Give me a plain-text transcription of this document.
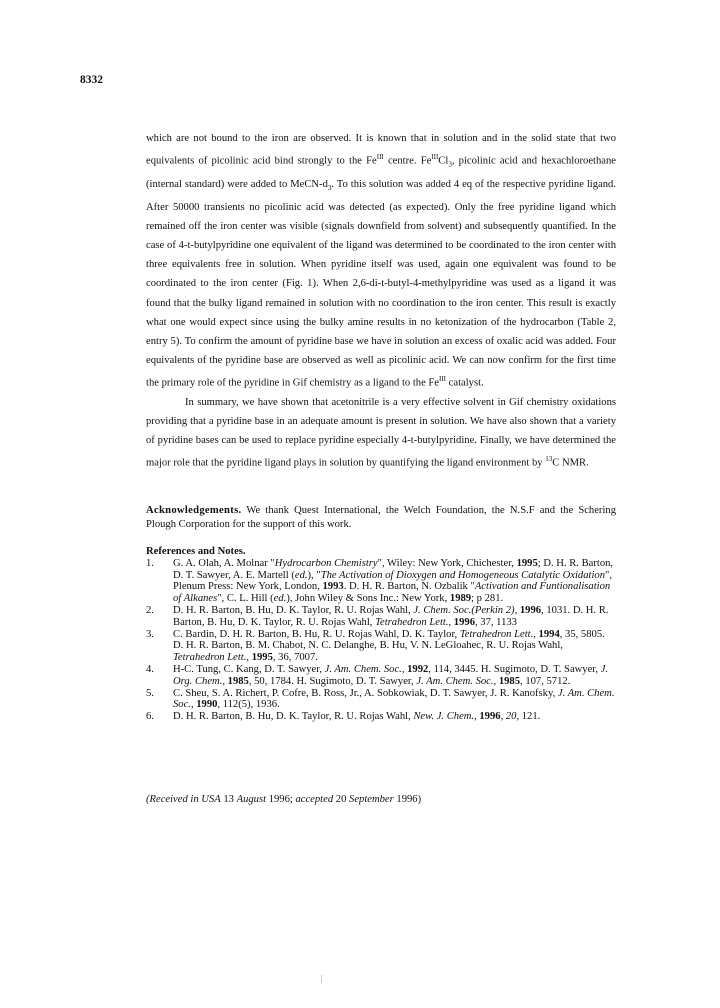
8332

which are not bound to the iron are observed. It is known that in solution and in the solid state that two equivalents of picolinic acid bind strongly to the $Fe^{III}$ centre. $Fe^{III}Cl_3$, picolinic acid and hexachloroethane (internal standard) were added to MeCN-$d_3$. To this solution was added 4 eq of the respective pyridine ligand. After 50000 transients no picolinic acid was detected (as expected). Only the free pyridine ligand which remained off the iron center was visible (signals downfield from solvent) and subsequently quantified. In the case of 4-t-butylpyridine one equivalent of the ligand was determined to be coordinated to the iron center with three equivalents free in solution. When pyridine itself was used, again one equivalent was found to be coordinated to the iron center (Fig. 1). When 2,6-di-t-butyl-4-methylpyridine was used as a ligand it was found that the bulky ligand remained in solution with no coordination to the iron center. This result is exactly what one would expect since using the bulky amine results in no ketonization of the hydrocarbon (Table 2, entry 5). To confirm the amount of pyridine base we have in solution an excess of oxalic acid was added. Four equivalents of the pyridine base are observed as well as picolinic acid. We can now confirm for the first time the primary role of the pyridine in Gif chemistry as a ligand to the $Fe^{III}$ catalyst.

In summary, we have shown that acetonitrile is a very effective solvent in Gif chemistry oxidations providing that a pyridine base in an adequate amount is present in solution. We have also shown that a variety of pyridine bases can be used to replace pyridine especially 4-t-butylpyridine. Finally, we have determined the major role that the pyridine ligand plays in solution by quantifying the ligand environment by $^{13}$C NMR.

Acknowledgements. We thank Quest International, the Welch Foundation, the N.S.F and the Schering Plough Corporation for the support of this work.
References and Notes.
1.	G. A. Olah, A. Molnar "Hydrocarbon Chemistry", Wiley: New York, Chichester, 1995; D. H. R. Barton, D. T. Sawyer, A. E. Martell (ed.), "The Activation of Dioxygen and Homogeneous Catalytic Oxidation", Plenum Press: New York, London, 1993. D. H. R. Barton, N. Ozbalik "Activation and Funtionalisation of Alkanes", C. L. Hill (ed.), John Wiley & Sons Inc.: New York, 1989; p 281.
2.	D. H. R. Barton, B. Hu, D. K. Taylor, R. U. Rojas Wahl, J. Chem. Soc.(Perkin 2), 1996, 1031. D. H. R. Barton, B. Hu, D. K. Taylor, R. U. Rojas Wahl, Tetrahedron Lett., 1996, 37, 1133
3.	C. Bardin, D. H. R. Barton, B. Hu, R. U. Rojas Wahl, D. K. Taylor, Tetrahedron Lett., 1994, 35, 5805. D. H. R. Barton, B. M. Chabot, N. C. Delanghe, B. Hu, V. N. LeGloahec, R. U. Rojas Wahl, Tetrahedron Lett., 1995, 36, 7007.
4.	H-C. Tung, C. Kang, D. T. Sawyer, J. Am. Chem. Soc., 1992, 114, 3445. H. Sugimoto, D. T. Sawyer, J. Org. Chem., 1985, 50, 1784. H. Sugimoto, D. T. Sawyer, J. Am. Chem. Soc., 1985, 107, 5712.
5.	C. Sheu, S. A. Richert, P. Cofre, B. Ross, Jr., A. Sobkowiak, D. T. Sawyer, J. R. Kanofsky, J. Am. Chem. Soc., 1990, 112(5), 1936.
6.	D. H. R. Barton, B. Hu, D. K. Taylor, R. U. Rojas Wahl, New. J. Chem., 1996, 20, 121.
(Received in USA 13 August 1996; accepted 20 September 1996)
